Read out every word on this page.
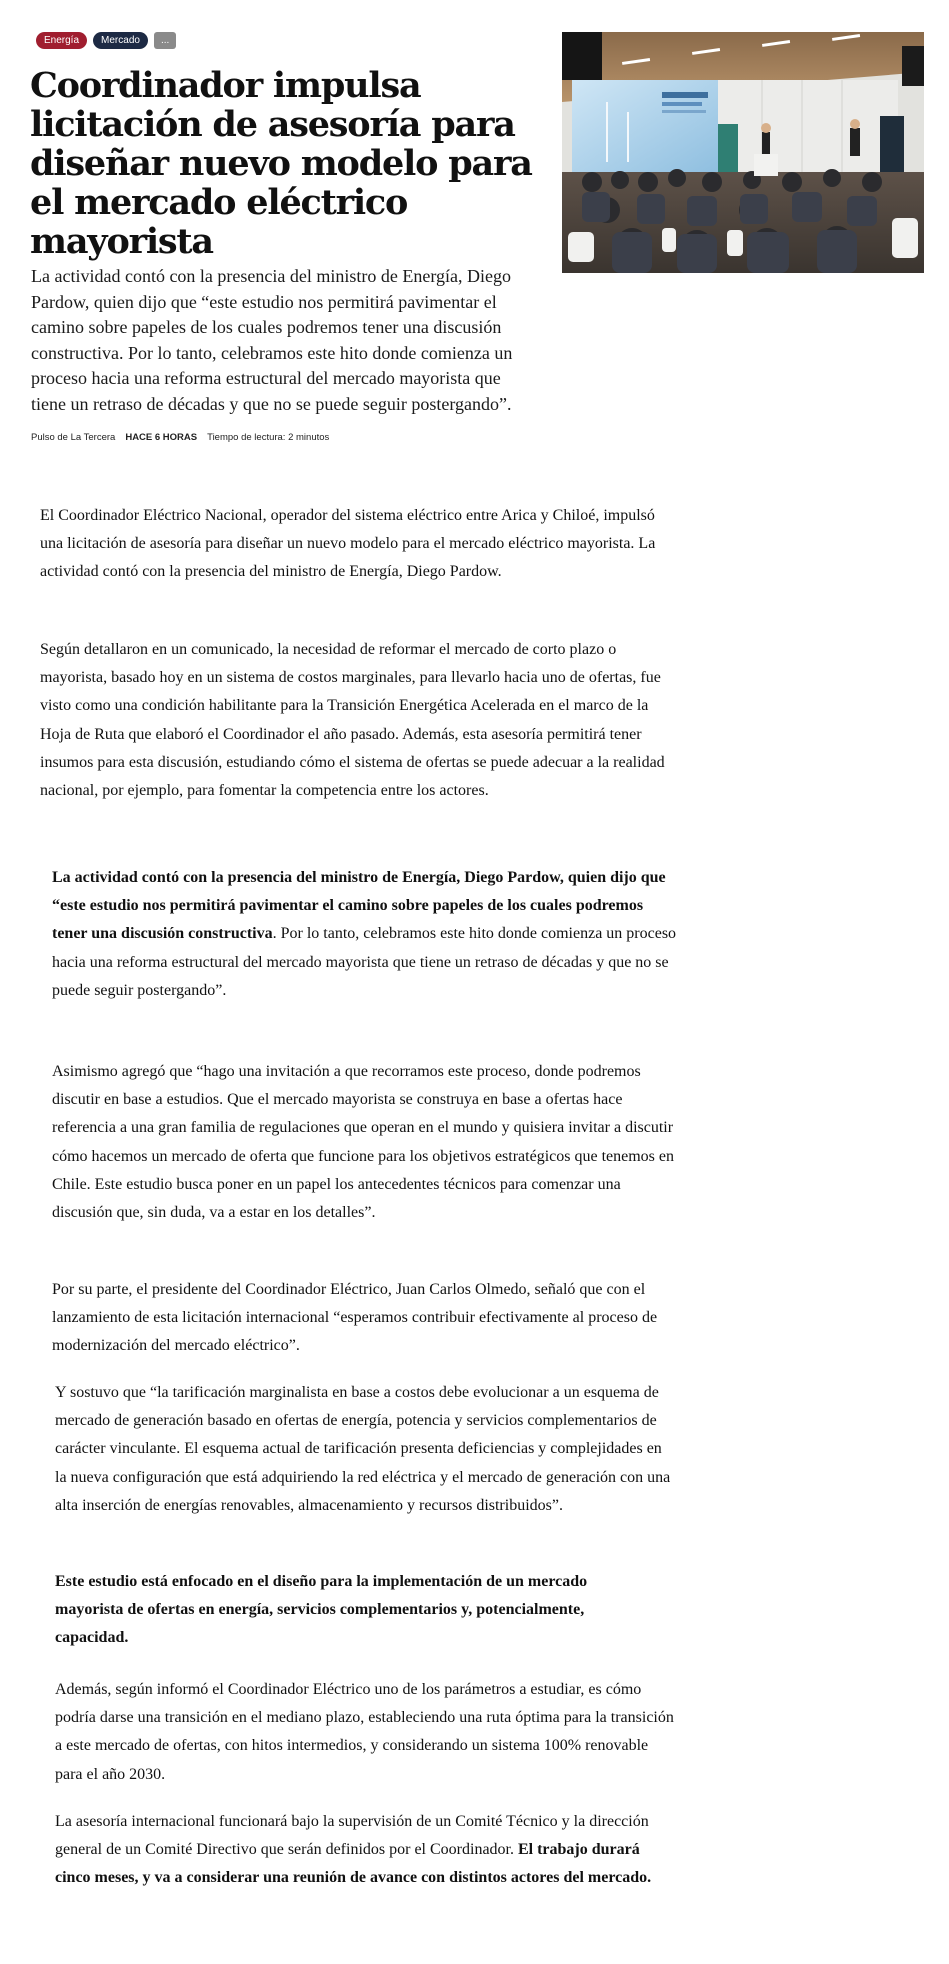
Energía	Mercado	...
Coordinador impulsa licitación de asesoría para diseñar nuevo modelo para el mercado eléctrico mayorista

La actividad contó con la presencia del ministro de Energía, Diego Pardow, quien dijo que “este estudio nos permitirá pavimentar el camino sobre papeles de los cuales podremos tener una discusión constructiva. Por lo tanto, celebramos este hito donde comienza un proceso hacia una reforma estructural del mercado mayorista que tiene un retraso de décadas y que no se puede seguir postergando”.

Pulso de La Tercera HACE 6 HORAS Tiempo de lectura: 2 minutos

El Coordinador Eléctrico Nacional, operador del sistema eléctrico entre Arica y Chiloé, impulsó una licitación de asesoría para diseñar un nuevo modelo para el mercado eléctrico mayorista. La actividad contó con la presencia del ministro de Energía, Diego Pardow.

Según detallaron en un comunicado, la necesidad de reformar el mercado de corto plazo o mayorista, basado hoy en un sistema de costos marginales, para llevarlo hacia uno de ofertas, fue visto como una condición habilitante para la Transición Energética Acelerada en el marco de la Hoja de Ruta que elaboró el Coordinador el año pasado. Además, esta asesoría permitirá tener insumos para esta discusión, estudiando cómo el sistema de ofertas se puede adecuar a la realidad nacional, por ejemplo, para fomentar la competencia entre los actores.

La actividad contó con la presencia del ministro de Energía, Diego Pardow, quien dijo que “este estudio nos permitirá pavimentar el camino sobre papeles de los cuales podremos tener una discusión constructiva. Por lo tanto, celebramos este hito donde comienza un proceso hacia una reforma estructural del mercado mayorista que tiene un retraso de décadas y que no se puede seguir postergando”.

Asimismo agregó que “hago una invitación a que recorramos este proceso, donde podremos discutir en base a estudios. Que el mercado mayorista se construya en base a ofertas hace referencia a una gran familia de regulaciones que operan en el mundo y quisiera invitar a discutir cómo hacemos un mercado de oferta que funcione para los objetivos estratégicos que tenemos en Chile. Este estudio busca poner en un papel los antecedentes técnicos para comenzar una discusión que, sin duda, va a estar en los detalles”.

Por su parte, el presidente del Coordinador Eléctrico, Juan Carlos Olmedo, señaló que con el lanzamiento de esta licitación internacional “esperamos contribuir efectivamente al proceso de modernización del mercado eléctrico”.

Y sostuvo que “la tarificación marginalista en base a costos debe evolucionar a un esquema de mercado de generación basado en ofertas de energía, potencia y servicios complementarios de carácter vinculante. El esquema actual de tarificación presenta deficiencias y complejidades en la nueva configuración que está adquiriendo la red eléctrica y el mercado de generación con una alta inserción de energías renovables, almacenamiento y recursos distribuidos”.

Este estudio está enfocado en el diseño para la implementación de un mercado mayorista de ofertas en energía, servicios complementarios y, potencialmente, capacidad.

Además, según informó el Coordinador Eléctrico uno de los parámetros a estudiar, es cómo podría darse una transición en el mediano plazo, estableciendo una ruta óptima para la transición a este mercado de ofertas, con hitos intermedios, y considerando un sistema 100% renovable para el año 2030.

La asesoría internacional funcionará bajo la supervisión de un Comité Técnico y la dirección general de un Comité Directivo que serán definidos por el Coordinador. El trabajo durará cinco meses, y va a considerar una reunión de avance con distintos actores del mercado.
